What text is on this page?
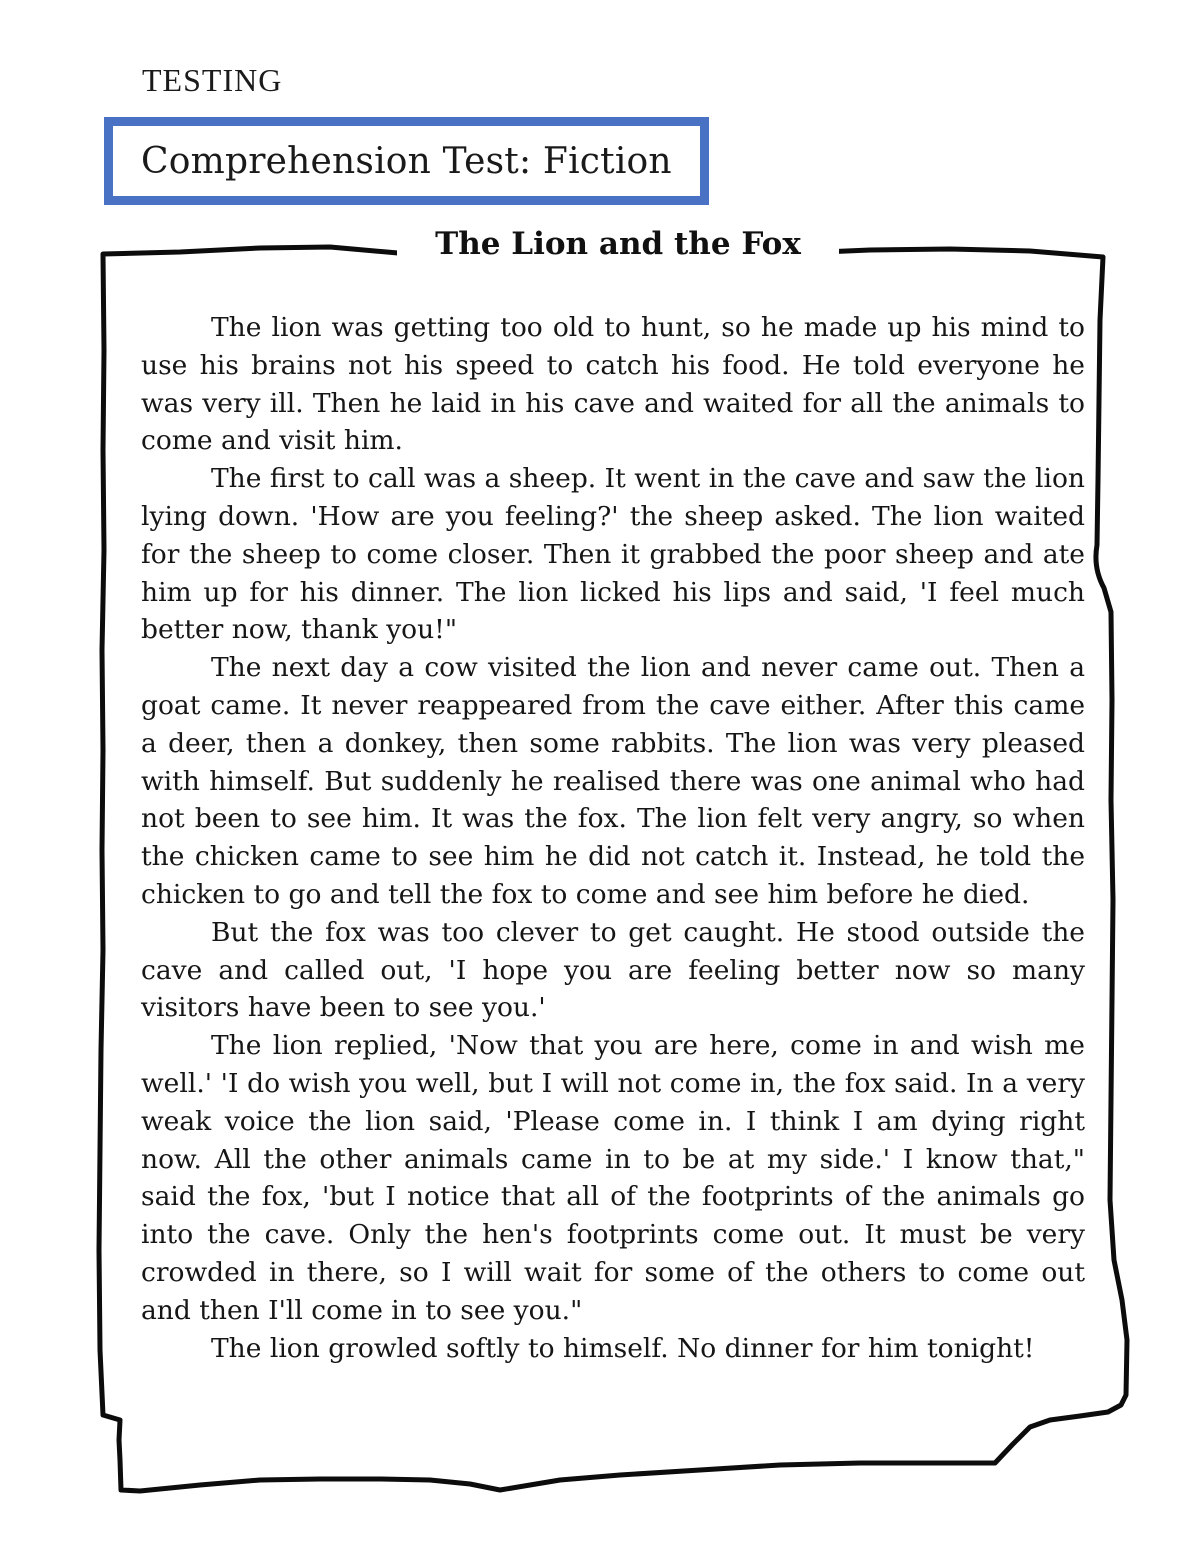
TESTING
Comprehension Test: Fiction
The Lion and the Fox

The lion was getting too old to hunt, so he made up his mind to use his brains not his speed to catch his food. He told everyone he was very ill. Then he laid in his cave and waited for all the animals to come and visit him.

The first to call was a sheep. It went in the cave and saw the lion lying down. 'How are you feeling?' the sheep asked. The lion waited for the sheep to come closer. Then it grabbed the poor sheep and ate him up for his dinner. The lion licked his lips and said, 'I feel much better now, thank you!"

The next day a cow visited the lion and never came out. Then a goat came. It never reappeared from the cave either. After this came a deer, then a donkey, then some rabbits. The lion was very pleased with himself. But suddenly he realised there was one animal who had not been to see him. It was the fox. The lion felt very angry, so when the chicken came to see him he did not catch it. Instead, he told the chicken to go and tell the fox to come and see him before he died.

But the fox was too clever to get caught. He stood outside the cave and called out, 'I hope you are feeling better now so many visitors have been to see you.'

The lion replied, 'Now that you are here, come in and wish me well.' 'I do wish you well, but I will not come in, the fox said. In a very weak voice the lion said, 'Please come in. I think I am dying right now. All the other animals came in to be at my side.' I know that," said the fox, 'but I notice that all of the footprints of the animals go into the cave. Only the hen's footprints come out. It must be very crowded in there, so I will wait for some of the others to come out and then I'll come in to see you."

The lion growled softly to himself. No dinner for him tonight!
